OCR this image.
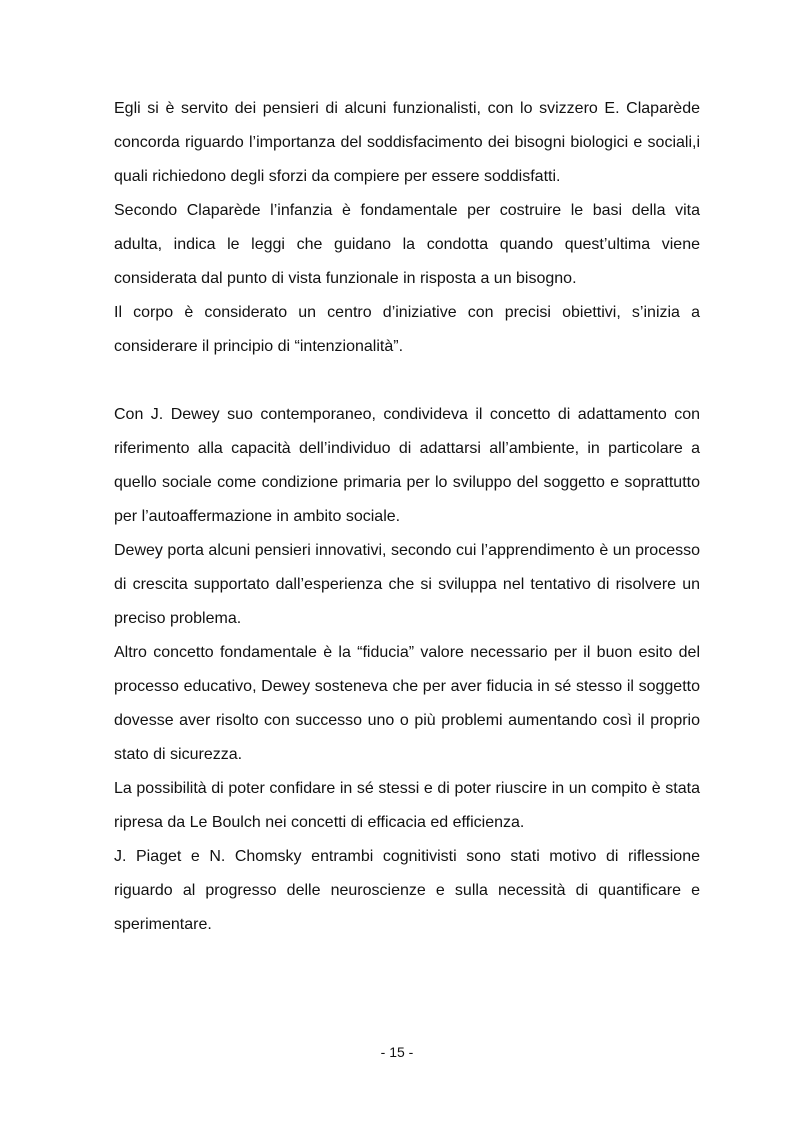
Egli si è servito dei pensieri di alcuni funzionalisti, con lo svizzero E. Claparède concorda riguardo l’importanza del soddisfacimento dei bisogni biologici e sociali,i quali richiedono degli sforzi da compiere per essere soddisfatti.

Secondo Claparède l’infanzia è fondamentale per costruire le basi della vita adulta, indica le leggi che guidano la condotta quando quest’ultima viene considerata dal punto di vista funzionale in risposta a un bisogno.

Il corpo è considerato un centro d’iniziative con precisi obiettivi, s’inizia a considerare il principio di “intenzionalità”.

Con J. Dewey suo contemporaneo, condivideva il concetto di adattamento con riferimento alla capacità dell’individuo di adattarsi all’ambiente, in particolare a quello sociale come condizione primaria per lo sviluppo del soggetto e soprattutto per l’autoaffermazione in ambito sociale.

Dewey porta alcuni pensieri innovativi, secondo cui l’apprendimento è un processo di crescita supportato dall’esperienza che si sviluppa nel tentativo di risolvere un preciso problema.

Altro concetto fondamentale è la “fiducia” valore necessario per il buon esito del processo educativo, Dewey sosteneva che per aver fiducia in sé stesso il soggetto dovesse aver risolto con successo uno o più problemi aumentando così il proprio stato di sicurezza.

La possibilità di poter confidare in sé stessi e di poter riuscire in un compito è stata ripresa da Le Boulch nei concetti di efficacia ed efficienza.

J. Piaget e N. Chomsky entrambi cognitivisti sono stati motivo di riflessione riguardo al progresso delle neuroscienze e sulla necessità di quantificare e sperimentare.

- 15 -
